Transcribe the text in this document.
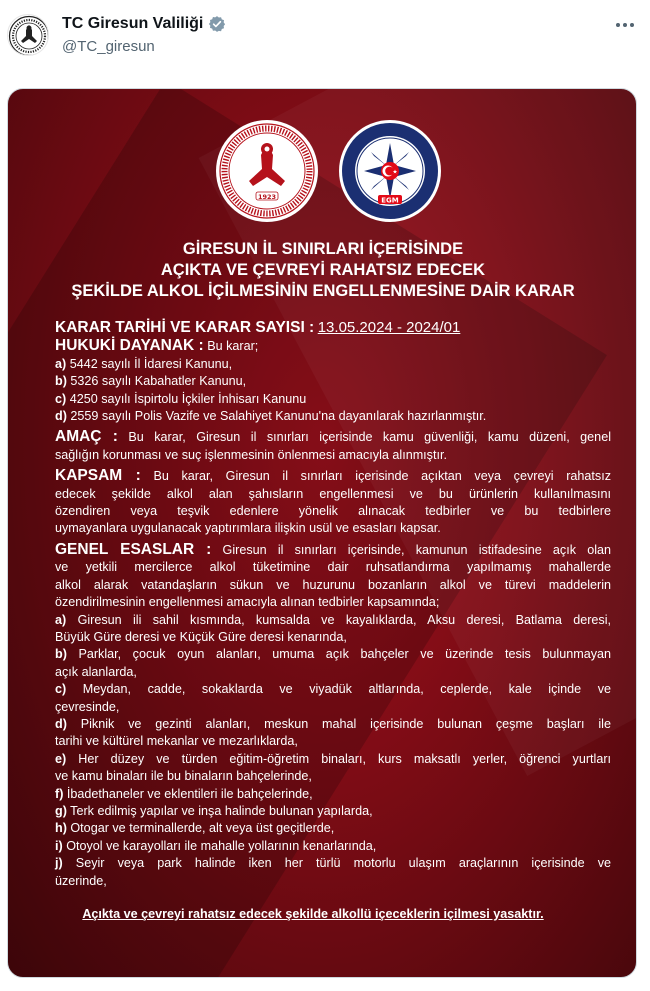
TC Giresun Valiliği
@TC_giresun
1923	EGM
GİRESUN İL SINIRLARI İÇERİSİNDE
AÇIKTA VE ÇEVREYİ RAHATSIZ EDECEK
ŞEKİLDE ALKOL İÇİLMESİNİN ENGELLENMESİNE DAİR KARAR
KARAR TARİHİ VE KARAR SAYISI : 13.05.2024 - 2024/01
HUKUKİ DAYANAK : Bu karar;
a) 5442 sayılı İl İdaresi Kanunu,
b) 5326 sayılı Kabahatler Kanunu,
c) 4250 sayılı İspirtolu İçkiler İnhisarı Kanunu
d) 2559 sayılı Polis Vazife ve Salahiyet Kanunu'na dayanılarak hazırlanmıştır.
AMAÇ : Bu karar, Giresun il sınırları içerisinde kamu güvenliği, kamu düzeni, genel
sağlığın korunması ve suç işlenmesinin önlenmesi amacıyla alınmıştır.
KAPSAM : Bu karar, Giresun il sınırları içerisinde açıktan veya çevreyi rahatsız
edecek şekilde alkol alan şahısların engellenmesi ve bu ürünlerin kullanılmasını
özendiren veya teşvik edenlere yönelik alınacak tedbirler ve bu tedbirlere
uymayanlara uygulanacak yaptırımlara ilişkin usül ve esasları kapsar.
GENEL ESASLAR : Giresun il sınırları içerisinde, kamunun istifadesine açık olan
ve yetkili mercilerce alkol tüketimine dair ruhsatlandırma yapılmamış mahallerde
alkol alarak vatandaşların sükun ve huzurunu bozanların alkol ve türevi maddelerin
özendirilmesinin engellenmesi amacıyla alınan tedbirler kapsamında;
a) Giresun ili sahil kısmında, kumsalda ve kayalıklarda, Aksu deresi, Batlama deresi,
Büyük Güre deresi ve Küçük Güre deresi kenarında,
b) Parklar, çocuk oyun alanları, umuma açık bahçeler ve üzerinde tesis bulunmayan
açık alanlarda,
c) Meydan, cadde, sokaklarda ve viyadük altlarında, ceplerde, kale içinde ve
çevresinde,
d) Piknik ve gezinti alanları, meskun mahal içerisinde bulunan çeşme başları ile
tarihi ve kültürel mekanlar ve mezarlıklarda,
e) Her düzey ve türden eğitim-öğretim binaları, kurs maksatlı yerler, öğrenci yurtları
ve kamu binaları ile bu binaların bahçelerinde,
f) İbadethaneler ve eklentileri ile bahçelerinde,
g) Terk edilmiş yapılar ve inşa halinde bulunan yapılarda,
h) Otogar ve terminallerde, alt veya üst geçitlerde,
i) Otoyol ve karayolları ile mahalle yollarının kenarlarında,
j) Seyir veya park halinde iken her türlü motorlu ulaşım araçlarının içerisinde ve
üzerinde,
Açıkta ve çevreyi rahatsız edecek şekilde alkollü içeceklerin içilmesi yasaktır.
